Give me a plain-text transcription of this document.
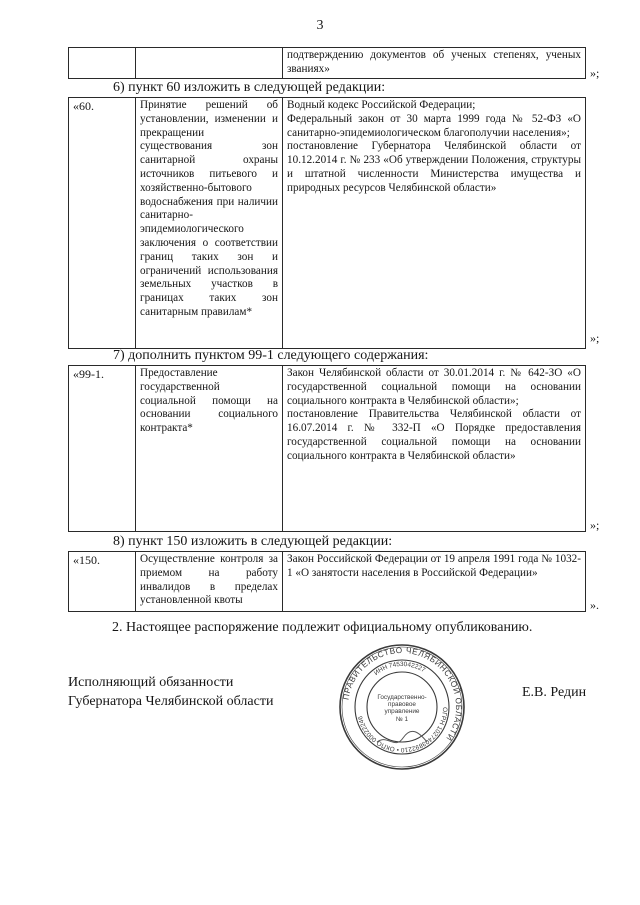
3
		подтверждению документов об ученых степенях, ученых званиях»	»;
6) пункт 60 изложить в следующей редакции:
«60.	Принятие решений об установлении, изменении и прекращении существования зон санитарной охраны источников питьевого и хозяйственно-бытового водоснабжения при наличии санитарно-эпидемиологического заключения о соответствии границ таких зон и ограничений использования земельных участков в границах таких зон санитарным правилам*	Водный кодекс Российской Федерации;
Федеральный закон от 30 марта 1999 года № 52-ФЗ «О санитарно-эпидемиологическом благополучии населения»;
постановление Губернатора Челябинской области от 10.12.2014 г. № 233 «Об утверждении Положения, структуры и штатной численности Министерства имущества и природных ресурсов Челябинской области»
»;
7) дополнить пунктом 99-1 следующего содержания:
«99-1.	Предоставление государственной социальной помощи на основании социального контракта*	Закон Челябинской области от 30.01.2014 г. № 642-ЗО «О государственной социальной помощи на основании социального контракта в Челябинской области»;
постановление Правительства Челябинской области от 16.07.2014 г. № 332-П «О Порядке предоставления государственной социальной помощи на основании социального контракта в Челябинской области»
»;
8) пункт 150 изложить в следующей редакции:
«150.	Осуществление контроля за приемом на работу инвалидов в пределах установленной квоты	Закон Российской Федерации от 19 апреля 1991 года № 1032-1 «О занятости населения в Российской Федерации»
».
2. Настоящее распоряжение подлежит официальному опубликованию.
Исполняющий обязанности
Губернатора Челябинской области	ПРАВИТЕЛЬСТВО ЧЕЛЯБИНСКОЙ ОБЛАСТИ
ОГРН 1027403892210 • ОКПО 00022246
ИНН 7453042227
Государственно-
правовое
управление
№ 1
Е.В. Редин
